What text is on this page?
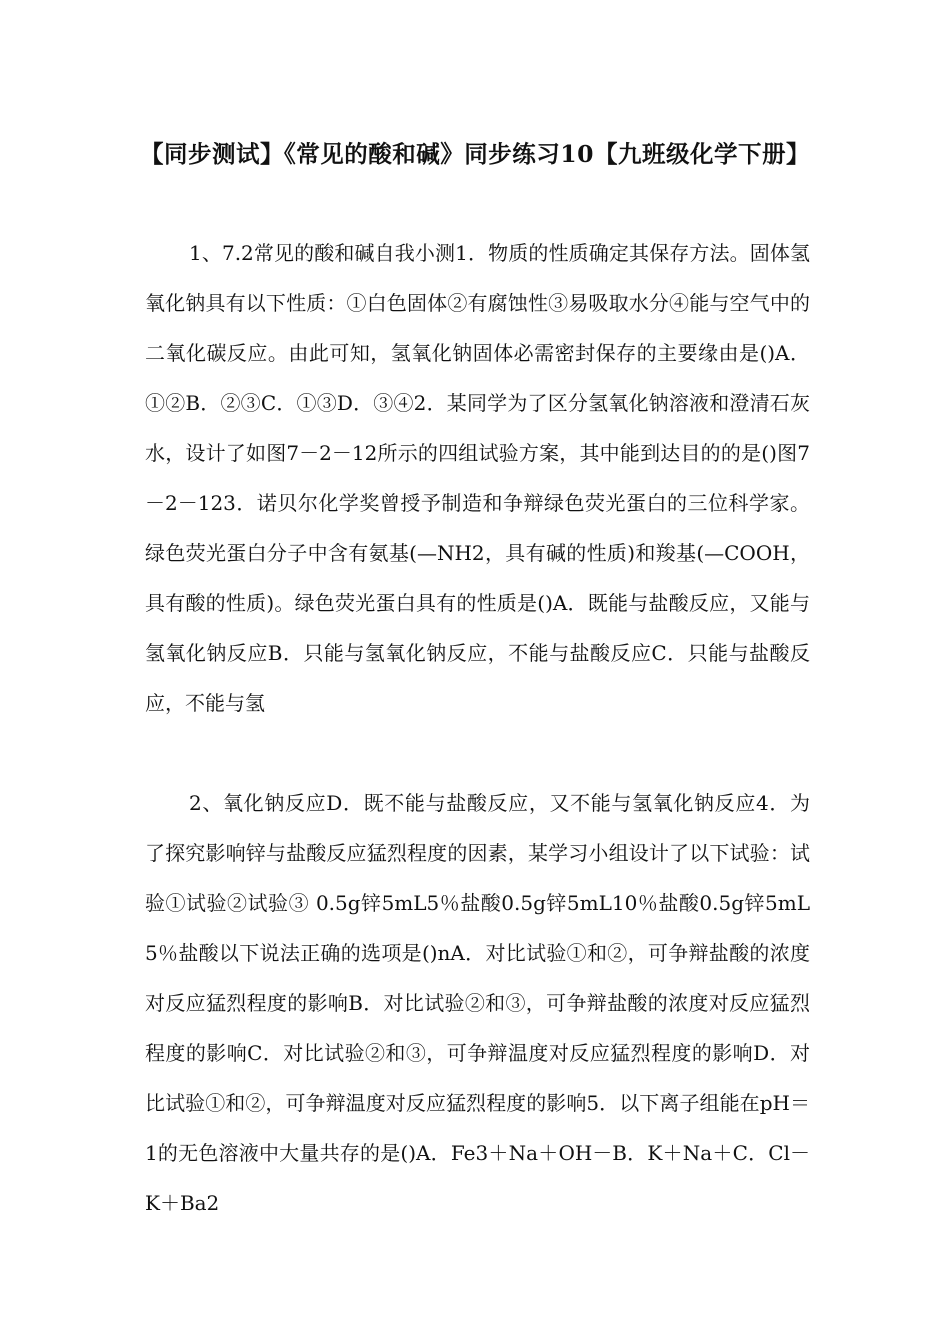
【同步测试】《常见的酸和碱》同步练习10【九班级化学下册】
1、7.2常见的酸和碱自我小测1．物质的性质确定其保存方法。固体氢氧化钠具有以下性质：①白色固体②有腐蚀性③易吸取水分④能与空气中的二氧化碳反应。由此可知，氢氧化钠固体必需密封保存的主要缘由是()A．①②B．②③C．①③D．③④2．某同学为了区分氢氧化钠溶液和澄清石灰水，设计了如图7－2－12所示的四组试验方案，其中能到达目的的是()图7－2－123．诺贝尔化学奖曾授予制造和争辩绿色荧光蛋白的三位科学家。绿色荧光蛋白分子中含有氨基(—NH2，具有碱的性质)和羧基(—COOH，具有酸的性质)。绿色荧光蛋白具有的性质是()A．既能与盐酸反应，又能与氢氧化钠反应B．只能与氢氧化钠反应，不能与盐酸反应C．只能与盐酸反应，不能与氢
2、氧化钠反应D．既不能与盐酸反应，又不能与氢氧化钠反应4．为了探究影响锌与盐酸反应猛烈程度的因素，某学习小组设计了以下试验：试验①试验②试验③ 0.5g锌5mL5％盐酸0.5g锌5mL10％盐酸0.5g锌5mL5％盐酸以下说法正确的选项是()nA．对比试验①和②，可争辩盐酸的浓度对反应猛烈程度的影响B．对比试验②和③，可争辩盐酸的浓度对反应猛烈程度的影响C．对比试验②和③，可争辩温度对反应猛烈程度的影响D．对比试验①和②，可争辩温度对反应猛烈程度的影响5．以下离子组能在pH＝1的无色溶液中大量共存的是()A．Fe3＋Na＋OH－B．K＋Na＋C．Cl－K＋Ba2
